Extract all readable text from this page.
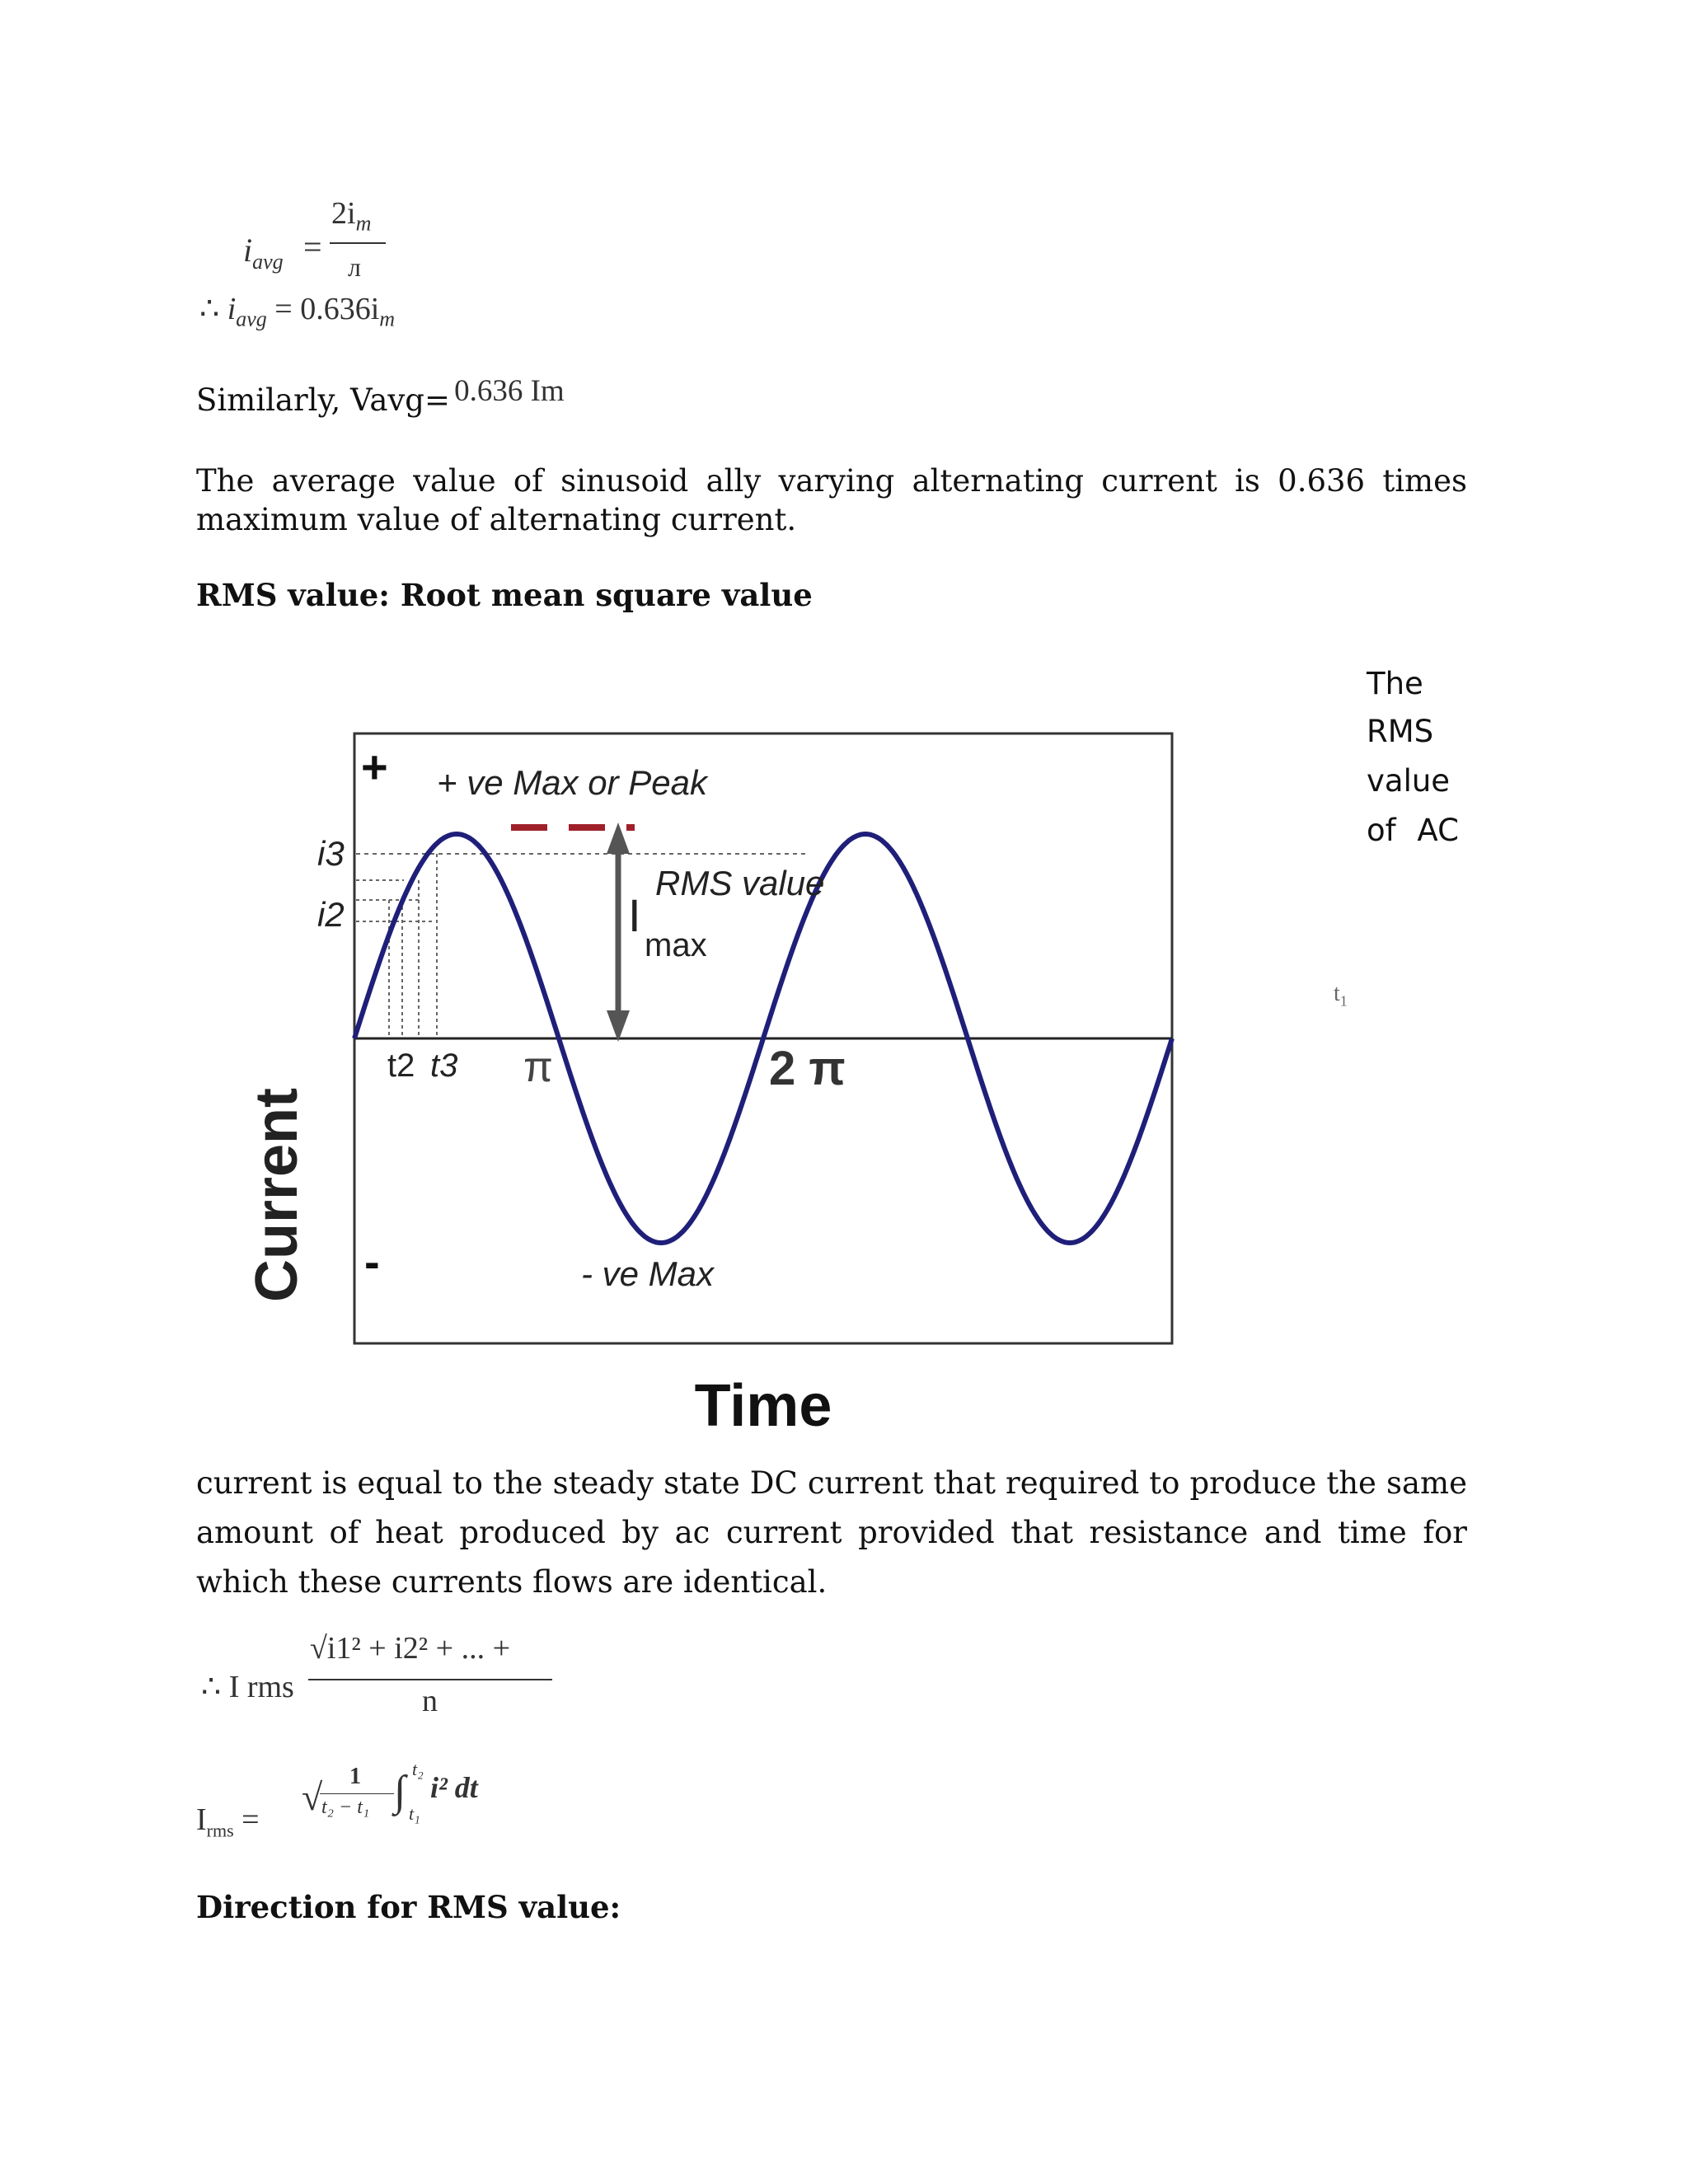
$i_{avg}$ =
$2i_m$
л
∴ $i_{avg} = 0.636i_m$
Similarly, Vavg= 0.636 Im
The average value of sinusoid ally varying alternating current is 0.636 times maximum value of alternating current.
RMS value: Root mean square value
The
RMS
value
of AC
$t_1$
Current
+
-
+ ve Max or Peak
- ve Max
RMS value
I
max
i3
i2
t2 t3 π	2 π
Time
current is equal to the steady state DC current that required to produce the same amount of heat produced by ac current provided that resistance and time for which these currents flows are identical.
∴ I rms
√i1² + i2² + ... +
n
$I_{rms}$ =
√ 1
t₂ − t₁ ∫ t₂
t₁
i² dt
Direction for RMS value:
